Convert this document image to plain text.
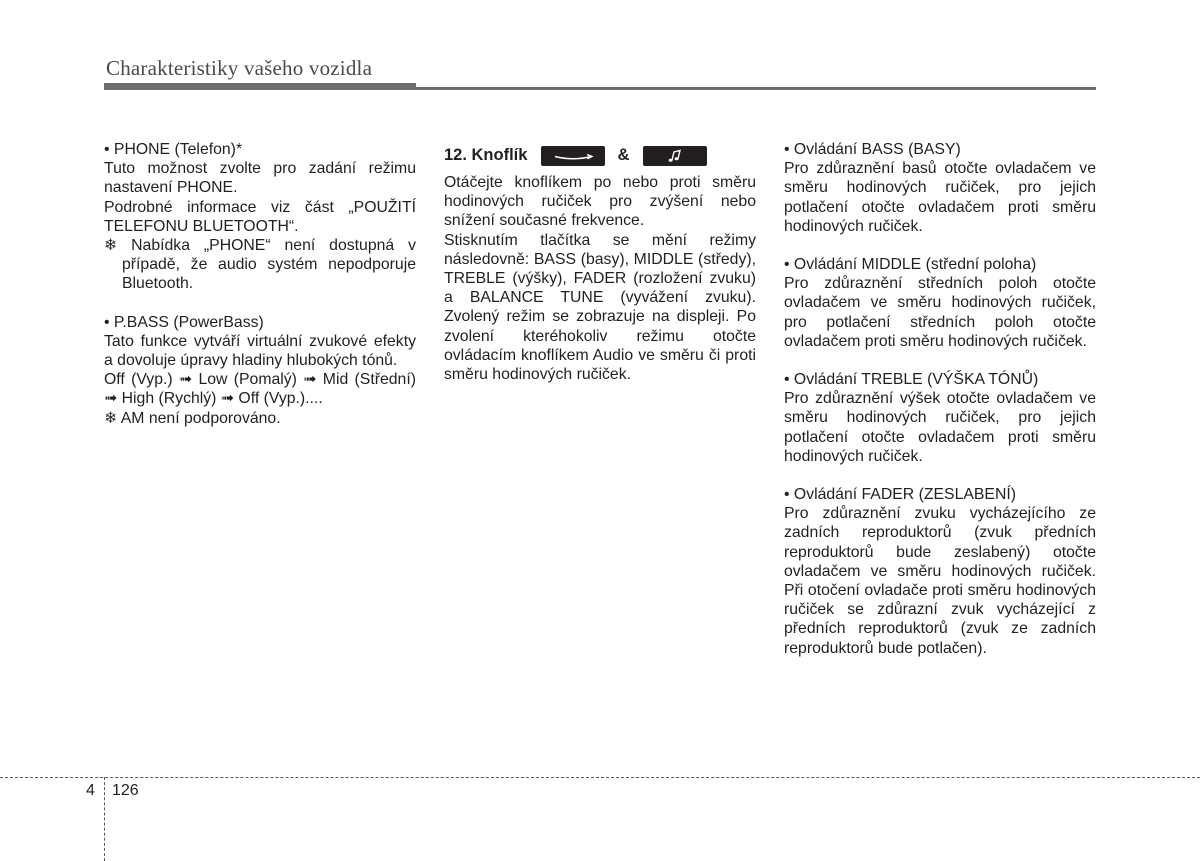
Charakteristiky vašeho vozidla

• PHONE (Telefon)*

Tuto možnost zvolte pro zadání režimu nastavení PHONE.

Podrobné informace viz část „POUŽITÍ TELEFONU BLUETOOTH“.

❄ Nabídka „PHONE“ není dostupná v případě, že audio systém nepodporuje Bluetooth.

• P.BASS (PowerBass)

Tato funkce vytváří virtuální zvukové efekty a dovoluje úpravy hladiny hlubokých tónů.

Off (Vyp.) ➟ Low (Pomalý) ➟ Mid (Střední) ➟ High (Rychlý) ➟ Off (Vyp.)....

❄ AM není podporováno.

12. Knoflík	&

Otáčejte knoflíkem po nebo proti směru hodinových ručiček pro zvýšení nebo snížení současné frekvence.

Stisknutím tlačítka se mění režimy následovně: BASS (basy), MIDDLE (středy), TREBLE (výšky), FADER (rozložení zvuku) a BALANCE TUNE (vyvážení zvuku). Zvolený režim se zobrazuje na displeji. Po zvolení kteréhokoliv režimu otočte ovládacím knoflíkem Audio ve směru či proti směru hodinových ručiček.

• Ovládání BASS (BASY)

Pro zdůraznění basů otočte ovladačem ve směru hodinových ručiček, pro jejich potlačení otočte ovladačem proti směru hodinových ručiček.

• Ovládání MIDDLE (střední poloha)

Pro zdůraznění středních poloh otočte ovladačem ve směru hodinových ručiček, pro potlačení středních poloh otočte ovladačem proti směru hodinových ručiček.

• Ovládání TREBLE (VÝŠKA TÓNŮ)

Pro zdůraznění výšek otočte ovladačem ve směru hodinových ručiček, pro jejich potlačení otočte ovladačem proti směru hodinových ručiček.

• Ovládání FADER (ZESLABENÍ)

Pro zdůraznění zvuku vycházejícího ze zadních reproduktorů (zvuk předních reproduktorů bude zeslabený) otočte ovladačem ve směru hodinových ručiček. Při otočení ovladače proti směru hodinových ručiček se zdůrazní zvuk vycházející z předních reproduktorů (zvuk ze zadních reproduktorů bude potlačen).

4 126
